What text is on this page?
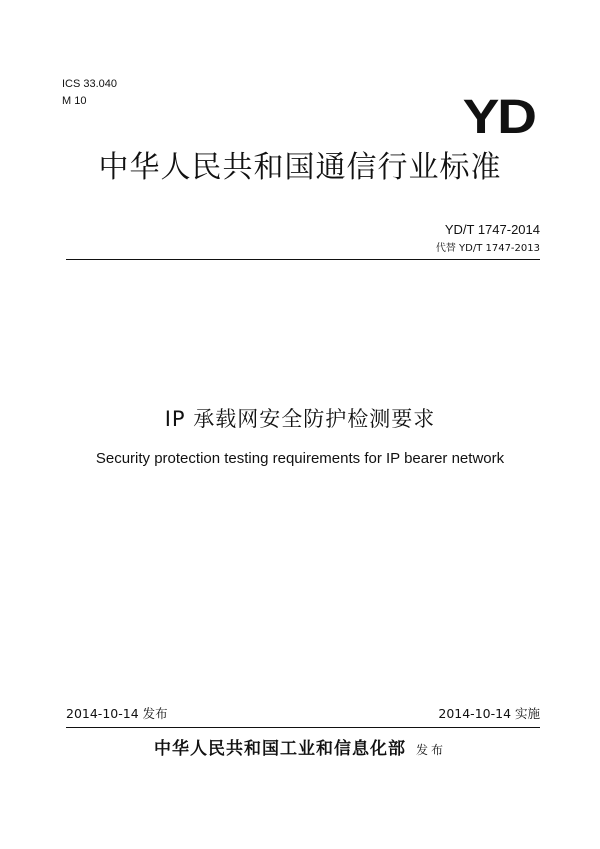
ICS 33.040
M 10	YD
中华人民共和国通信行业标准
YD/T 1747-2014
代替 YD/T 1747-2013
IP 承载网安全防护检测要求
Security protection testing requirements for IP bearer network
2014-10-14 发布	2014-10-14 实施
中华人民共和国工业和信息化部 发布
